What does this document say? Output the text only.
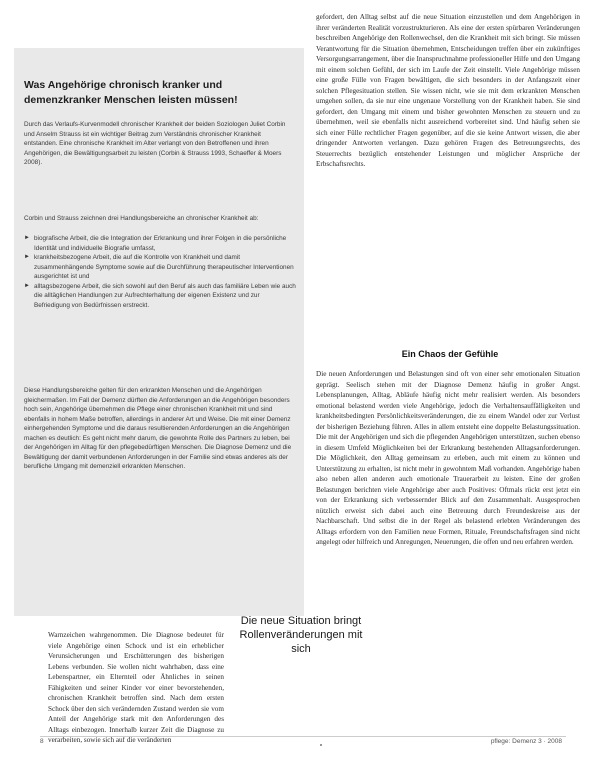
Was Angehörige chronisch kranker und demenzkranker Menschen leisten müssen!

Durch das Verlaufs-Kurvenmodell chronischer Krankheit der beiden Soziologen Juliet Corbin und Anselm Strauss ist ein wichtiger Beitrag zum Verständnis chronischer Krankheit entstanden. Eine chronische Krankheit im Alter verlangt von den Betroffenen und ihren Angehörigen, die Bewältigungsarbeit zu leisten (Corbin & Strauss 1993, Schaeffer & Moers 2008).

Corbin und Strauss zeichnen drei Handlungsbereiche an chronischer Krankheit ab:

► biografische Arbeit, die die Integration der Erkrankung und ihrer Folgen in die persönliche Identität und individuelle Biografie umfasst,
► krankheitsbezogene Arbeit, die auf die Kontrolle von Krankheit und damit zusammenhängende Symptome sowie auf die Durchführung therapeutischer Interventionen ausgerichtet ist und
► alltagsbezogene Arbeit, die sich sowohl auf den Beruf als auch das familiäre Leben wie auch die alltäglichen Handlungen zur Aufrechterhaltung der eigenen Existenz und zur Befriedigung von Bedürfnissen erstreckt.

Diese Handlungsbereiche gelten für den erkrankten Menschen und die Angehörigen gleichermaßen. Im Fall der Demenz dürften die Anforderungen an die Angehörigen besonders hoch sein, Angehörige übernehmen die Pflege einer chronischen Krankheit mit und sind ebenfalls in hohem Maße betroffen, allerdings in anderer Art und Weise. Die mit einer Demenz einhergehenden Symptome und die daraus resultierenden Anforderungen an die Angehörigen machen es deutlich: Es geht nicht mehr darum, die gewohnte Rolle des Partners zu leben, bei der Angehörigen im Alltag für den pflegebedürftigen Menschen. Die Diagnose Demenz und die Bewältigung der damit verbundenen Anforderungen in der Familie sind etwas anderes als der berufliche Umgang mit demenziell erkrankten Menschen.

gefordert, den Alltag selbst auf die neue Situation einzustellen und dem Angehörigen in ihrer veränderten Realität vorzustrukturieren. Als eine der ersten spürbaren Veränderungen beschreiben Angehörige den Rollenwechsel, den die Krankheit mit sich bringt. Sie müssen Verantwortung für die Situation übernehmen, Entscheidungen treffen über ein zukünftiges Versorgungsarrangement, über die Inanspruchnahme professioneller Hilfe und den Umgang mit einem solchen Gefühl, der sich im Laufe der Zeit einstellt. Viele Angehörige müssen eine große Fülle von Fragen bewältigen, die sich besonders in der Anfangszeit einer solchen Pflegesituation stellen. Sie wissen nicht, wie sie mit dem erkrankten Menschen umgehen sollen, da sie nur eine ungenaue Vorstellung von der Krankheit haben. Sie sind gefordert, den Umgang mit einem und bisher gewohnten Menschen zu steuern und zu übernehmen, weil sie ebenfalls nicht ausreichend vorbereitet sind. Und häufig sehen sie sich einer Fülle rechtlicher Fragen gegenüber, auf die sie keine Antwort wissen, die aber dringender Antworten verlangen. Dazu gehören Fragen des Betreuungsrechts, des Steuerrechts bezüglich entstehender Leistungen und möglicher Ansprüche der Erbschaftsrechts.

Ein Chaos der Gefühle

Die neuen Anforderungen und Belastungen sind oft von einer sehr emotionalen Situation geprägt. Seelisch stehen mit der Diagnose Demenz häufig in großer Angst. Lebensplanungen, Alltag, Abläufe häufig nicht mehr realisiert werden. Als besonders emotional belastend werden viele Angehörige, jedoch die Verhaltensauffälligkeiten und krankheitsbedingten Persönlichkeitsveränderungen, die zu einem Wandel oder zur Verlust der bisherigen Beziehung führen. Alles in allem entsteht eine doppelte Belastungssituation. Die mit der Angehörigen und sich die pflegenden Angehörigen unterstützen, suchen ebenso in diesem Umfeld Möglichkeiten bei der Erkrankung bestehenden Alltagsanforderungen. Die Möglichkeit, den Alltag gemeinsam zu erleben, auch mit einem zu können und Unterstützung zu erhalten, ist nicht mehr in gewohntem Maß vorhanden. Angehörige haben also neben allen anderen auch emotionale Trauerarbeit zu leisten. Eine der großen Belastungen berichten viele Angehörige aber auch Positives: Oftmals rückt erst jetzt ein von der Erkrankung sich verbessernder Blick auf den Zusammenhalt. Ausgesprochen nützlich erweist sich dabei auch eine Betreuung durch Freundeskreise aus der Nachbarschaft. Und selbst die in der Regel als belastend erlebten Veränderungen des Alltags erfordern von den Familien neue Formen, Rituale, Freundschaftsfragen sind nicht angelegt oder hilfreich und Anregungen, Neuerungen, die offen und neu erfahren werden.

Warnzeichen wahrgenommen. Die Diagnose bedeutet für viele Angehörige einen Schock und ist ein erheblicher Verunsicherungen und Erschütterungen des bisherigen Lebens verbunden. Sie wollen nicht wahrhaben, dass eine Lebenspartner, ein Elternteil oder Ähnliches in seinen Fähigkeiten und seiner Kinder vor einer bevorstehenden, chronischen Krankheit betroffen sind. Nach dem ersten Schock über den sich verändernden Zustand werden sie vom Anteil der Angehörige stark mit den Anforderungen des Alltags einbezogen. Innerhalb kurzer Zeit die Diagnose zu verarbeiten, sowie sich auf die veränderten

Die neue Situation bringt Rollenveränderungen mit sich
8	pflege: Demenz 3 · 2008
